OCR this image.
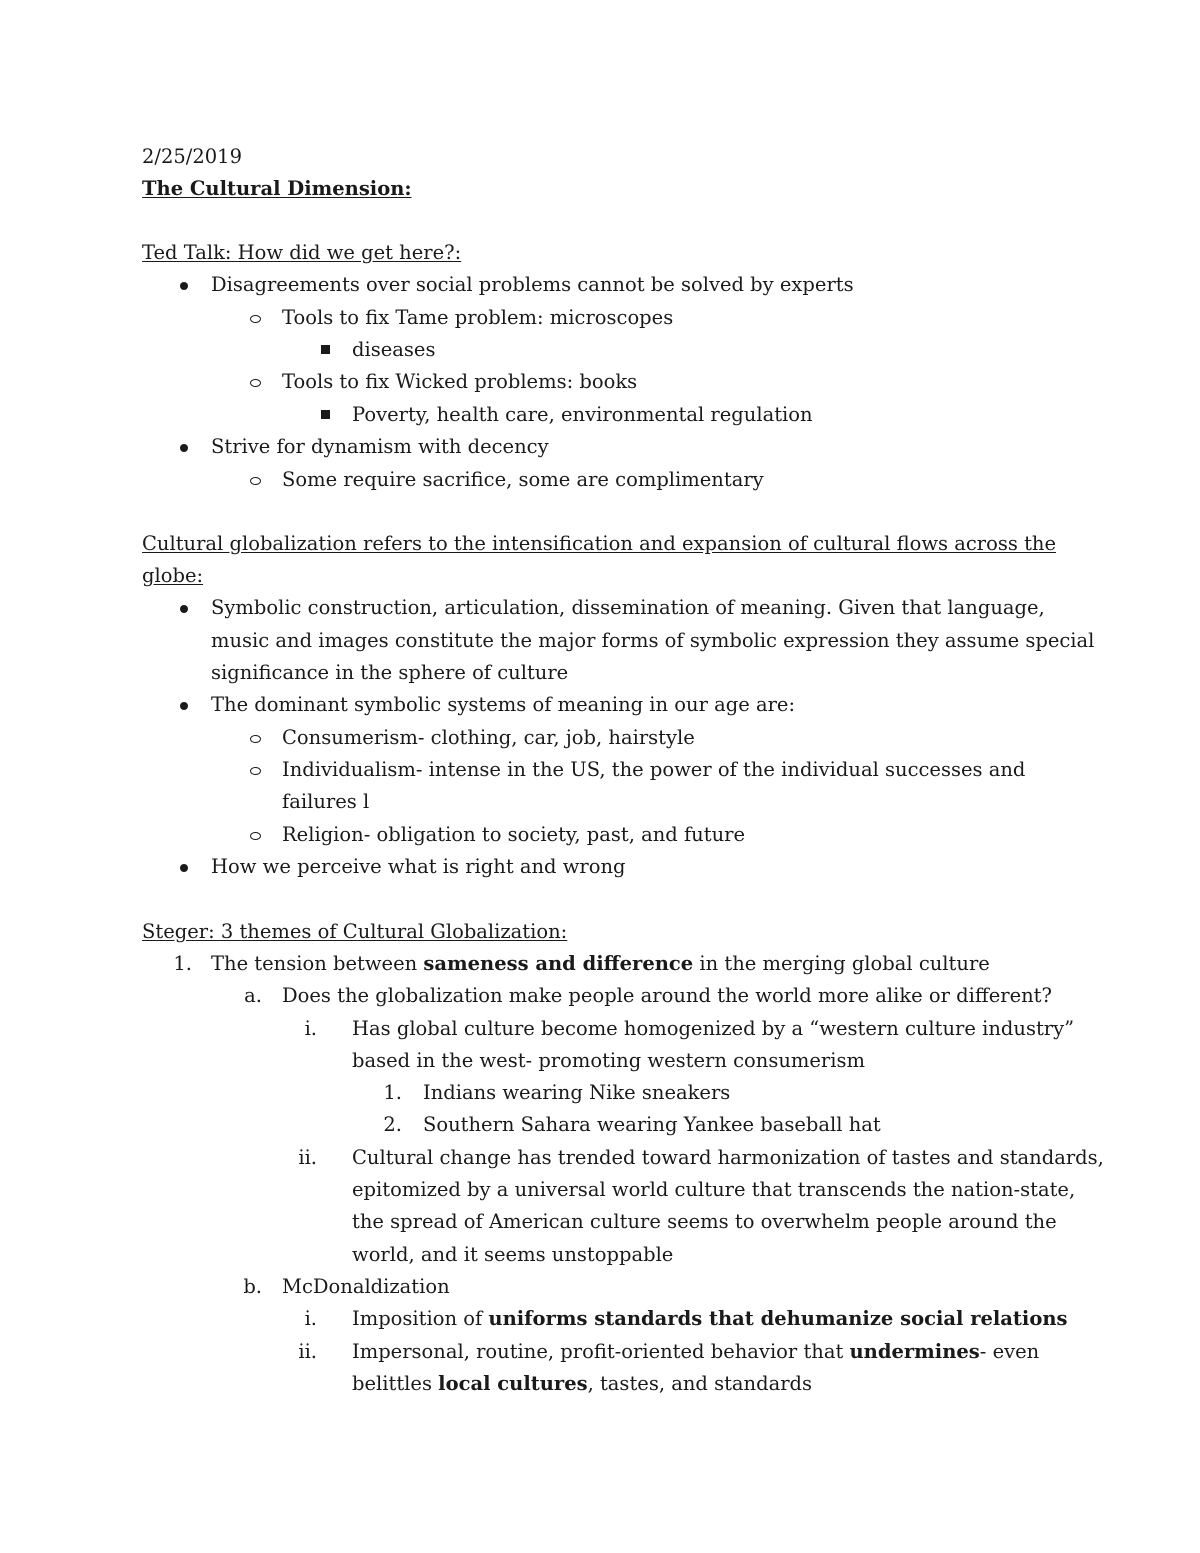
2/25/2019
The Cultural Dimension:
Ted Talk: How did we get here?:
Disagreements over social problems cannot be solved by experts
Tools to fix Tame problem: microscopes
diseases
Tools to fix Wicked problems: books
Poverty, health care, environmental regulation
Strive for dynamism with decency
Some require sacrifice, some are complimentary
Cultural globalization refers to the intensification and expansion of cultural flows across the
globe:
Symbolic construction, articulation, dissemination of meaning. Given that language,
music and images constitute the major forms of symbolic expression they assume special
significance in the sphere of culture
The dominant symbolic systems of meaning in our age are:
Consumerism- clothing, car, job, hairstyle
Individualism- intense in the US, the power of the individual successes and
failures l
Religion- obligation to society, past, and future
How we perceive what is right and wrong
Steger: 3 themes of Cultural Globalization:
1. The tension between sameness and difference in the merging global culture
a. Does the globalization make people around the world more alike or different?
i. Has global culture become homogenized by a “western culture industry”
based in the west- promoting western consumerism
1. Indians wearing Nike sneakers
2. Southern Sahara wearing Yankee baseball hat
ii. Cultural change has trended toward harmonization of tastes and standards,
epitomized by a universal world culture that transcends the nation-state,
the spread of American culture seems to overwhelm people around the
world, and it seems unstoppable
b. McDonaldization
i. Imposition of uniforms standards that dehumanize social relations
ii. Impersonal, routine, profit-oriented behavior that undermines- even
belittles local cultures, tastes, and standards
